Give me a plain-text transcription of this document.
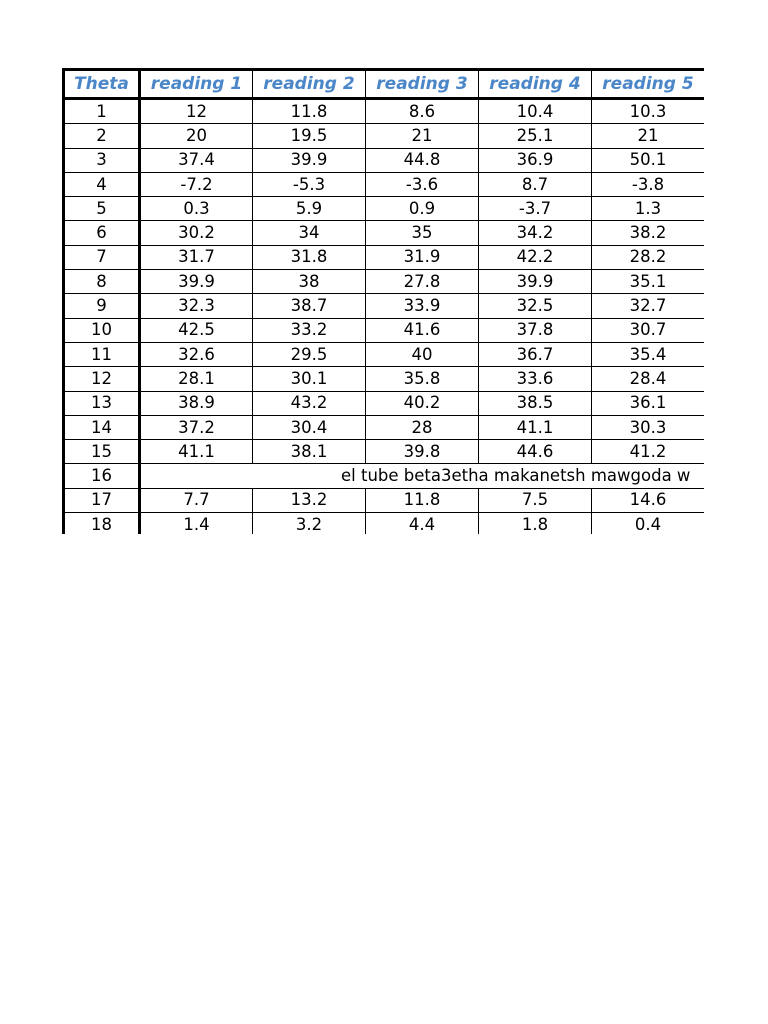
Theta	reading 1	reading 2	reading 3	reading 4	reading 5
1	12	11.8	8.6	10.4	10.3
2	20	19.5	21	25.1	21
3	37.4	39.9	44.8	36.9	50.1
4	-7.2	-5.3	-3.6	8.7	-3.8
5	0.3	5.9	0.9	-3.7	1.3
6	30.2	34	35	34.2	38.2
7	31.7	31.8	31.9	42.2	28.2
8	39.9	38	27.8	39.9	35.1
9	32.3	38.7	33.9	32.5	32.7
10	42.5	33.2	41.6	37.8	30.7
11	32.6	29.5	40	36.7	35.4
12	28.1	30.1	35.8	33.6	28.4
13	38.9	43.2	40.2	38.5	36.1
14	37.2	30.4	28	41.1	30.3
15	41.1	38.1	39.8	44.6	41.2
16	el tube beta3etha makanetsh mawgoda w				
17	7.7	13.2	11.8	7.5	14.6
18	1.4	3.2	4.4	1.8	0.4
